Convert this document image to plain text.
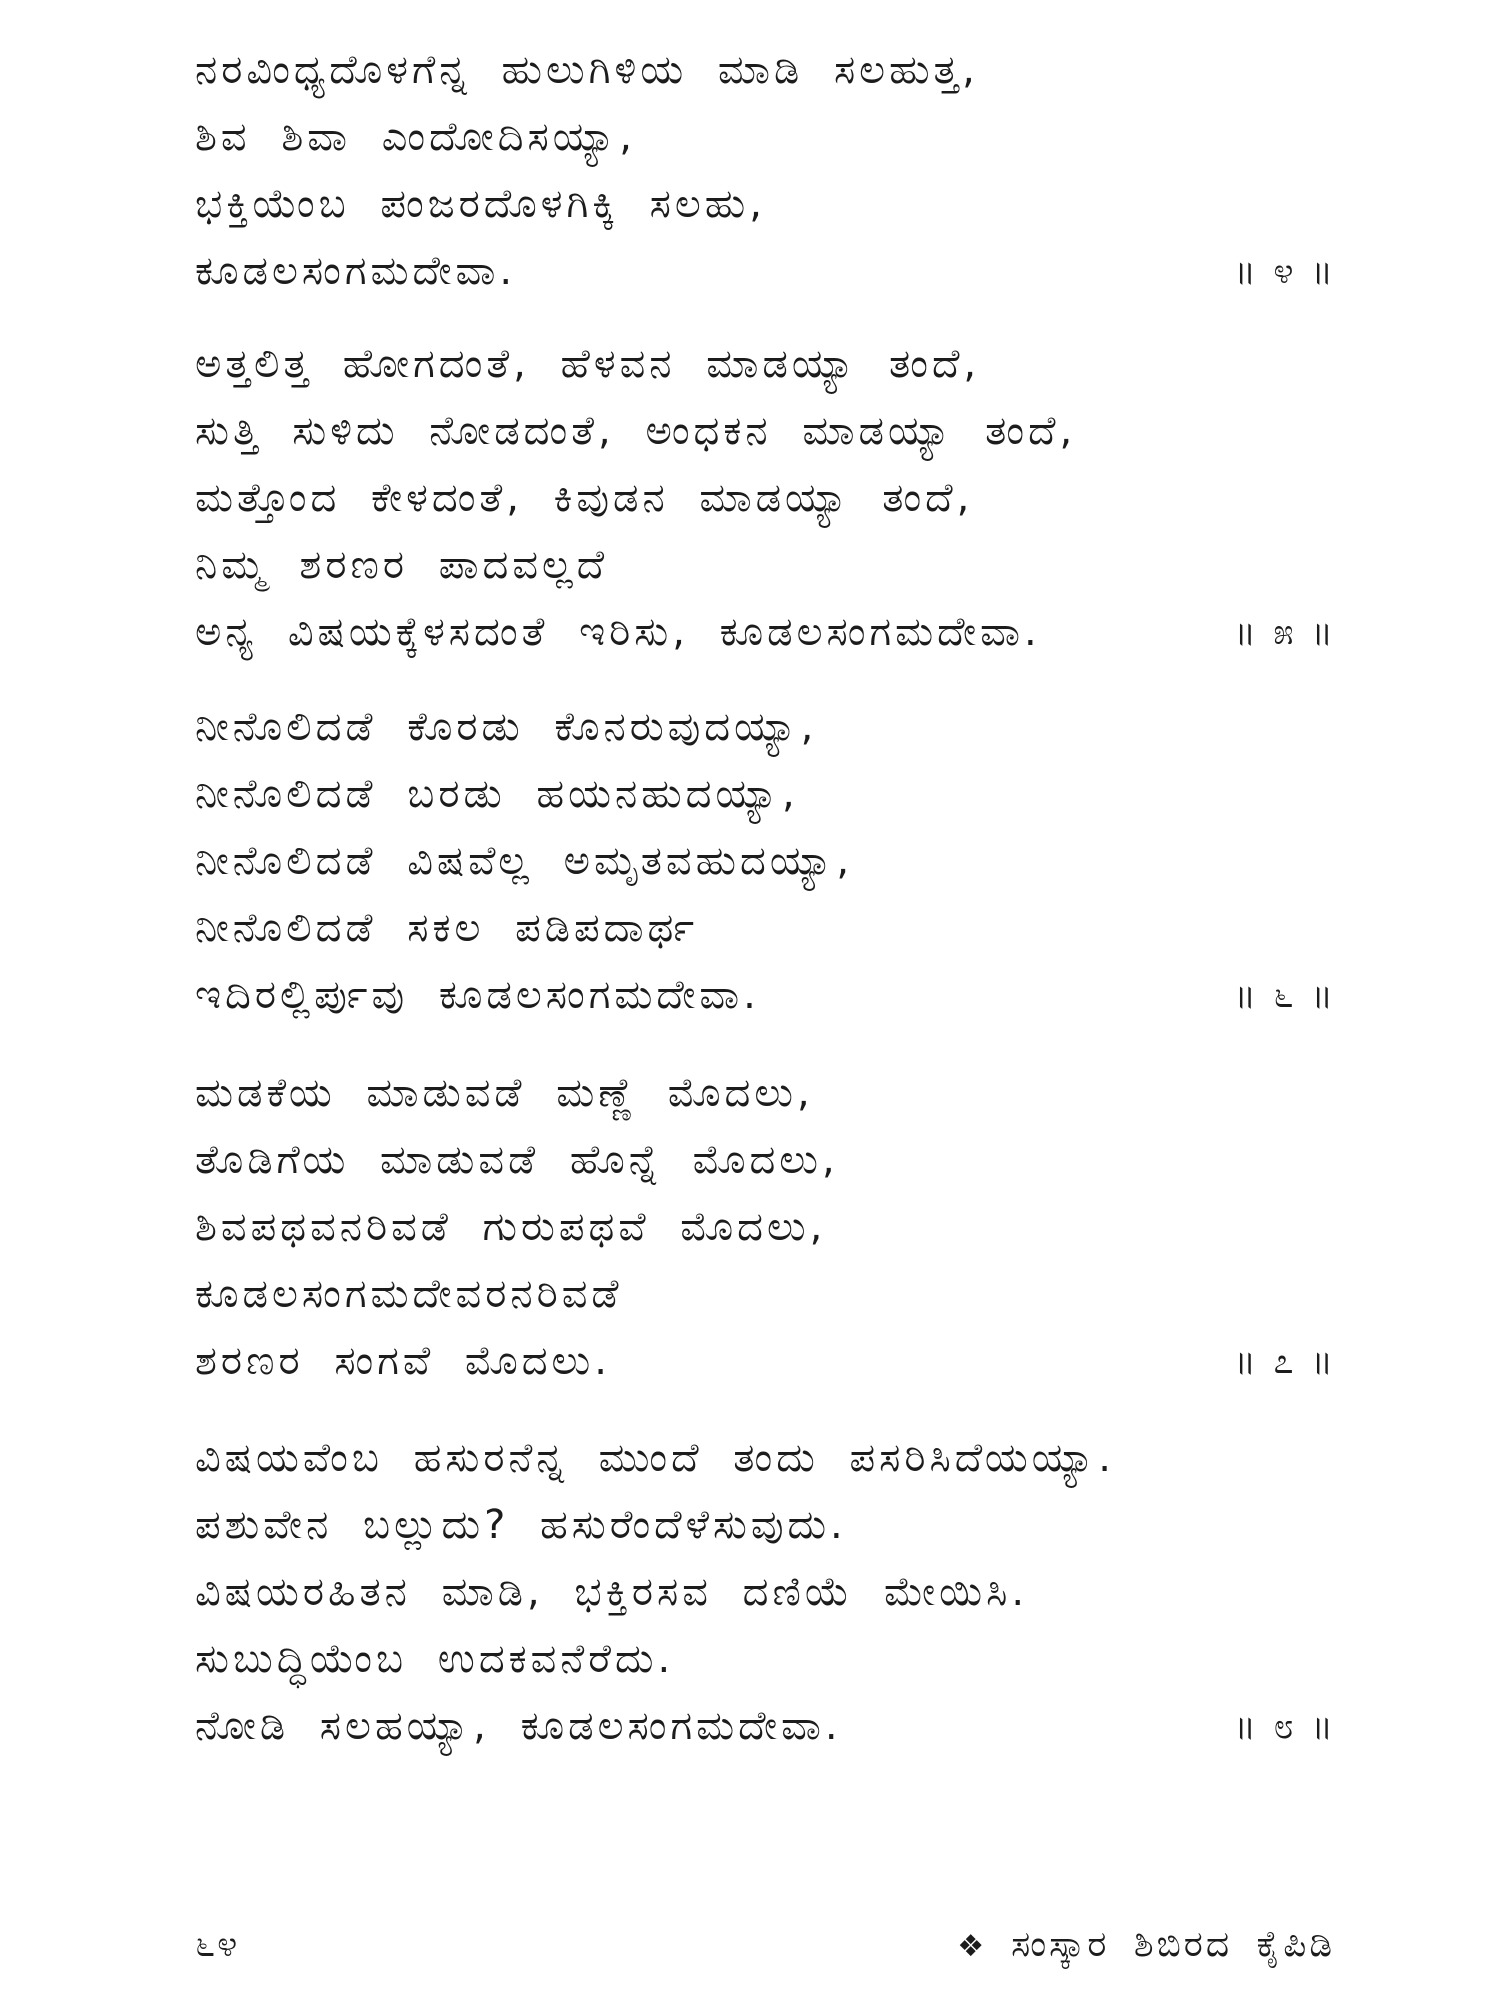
ನರವಿಂಧ್ಯದೊಳಗೆನ್ನ ಹುಲುಗಿಳಿಯ ಮಾಡಿ ಸಲಹುತ್ತ,
ಶಿವ ಶಿವಾ ಎಂದೋದಿಸಯ್ಯಾ,
ಭಕ್ತಿಯೆಂಬ ಪಂಜರದೊಳಗಿಕ್ಕಿ ಸಲಹು,
ಕೂಡಲಸಂಗಮದೇವಾ.	॥ ೪ ॥
ಅತ್ತಲಿತ್ತ ಹೋಗದಂತೆ, ಹೆಳವನ ಮಾಡಯ್ಯಾ ತಂದೆ,
ಸುತ್ತಿ ಸುಳಿದು ನೋಡದಂತೆ, ಅಂಧಕನ ಮಾಡಯ್ಯಾ ತಂದೆ,
ಮತ್ತೊಂದ ಕೇಳದಂತೆ, ಕಿವುಡನ ಮಾಡಯ್ಯಾ ತಂದೆ,
ನಿಮ್ಮ ಶರಣರ ಪಾದವಲ್ಲದೆ
ಅನ್ಯ ವಿಷಯಕ್ಕೆಳಸದಂತೆ ಇರಿಸು, ಕೂಡಲಸಂಗಮದೇವಾ.	॥ ೫ ॥
ನೀನೊಲಿದಡೆ ಕೊರಡು ಕೊನರುವುದಯ್ಯಾ,
ನೀನೊಲಿದಡೆ ಬರಡು ಹಯನಹುದಯ್ಯಾ,
ನೀನೊಲಿದಡೆ ವಿಷವೆಲ್ಲ ಅಮೃತವಹುದಯ್ಯಾ,
ನೀನೊಲಿದಡೆ ಸಕಲ ಪಡಿಪದಾರ್ಥ
ಇದಿರಲ್ಲಿರ್ಪುವು ಕೂಡಲಸಂಗಮದೇವಾ.	॥ ೬ ॥
ಮಡಕೆಯ ಮಾಡುವಡೆ ಮಣ್ಣೆ ಮೊದಲು,
ತೊಡಿಗೆಯ ಮಾಡುವಡೆ ಹೊನ್ನೆ ಮೊದಲು,
ಶಿವಪಥವನರಿವಡೆ ಗುರುಪಥವೆ ಮೊದಲು,
ಕೂಡಲಸಂಗಮದೇವರನರಿವಡೆ
ಶರಣರ ಸಂಗವೆ ಮೊದಲು.	॥ ೭ ॥
ವಿಷಯವೆಂಬ ಹಸುರನೆನ್ನ ಮುಂದೆ ತಂದು ಪಸರಿಸಿದೆಯಯ್ಯಾ.
ಪಶುವೇನ ಬಲ್ಲುದು? ಹಸುರೆಂದೆಳೆಸುವುದು.
ವಿಷಯರಹಿತನ ಮಾಡಿ, ಭಕ್ತಿರಸವ ದಣಿಯೆ ಮೇಯಿಸಿ.
ಸುಬುದ್ಧಿಯೆಂಬ ಉದಕವನೆರೆದು.
ನೋಡಿ ಸಲಹಯ್ಯಾ, ಕೂಡಲಸಂಗಮದೇವಾ.	॥ ೮ ॥
೬೪	❖ ಸಂಸ್ಕಾರ ಶಿಬಿರದ ಕೈಪಿಡಿ
